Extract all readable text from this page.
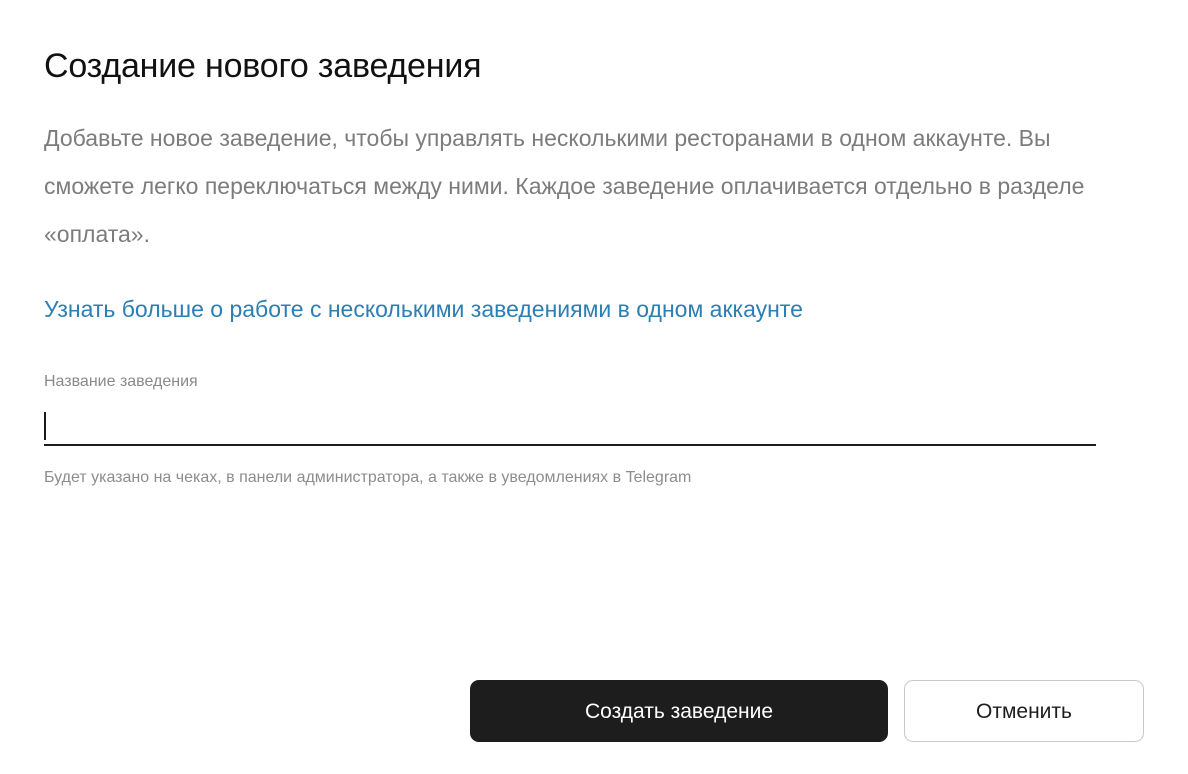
Создание нового заведения

Добавьте новое заведение, чтобы управлять несколькими ресторанами в одном аккаунте. Вы сможете легко переключаться между ними. Каждое заведение оплачивается отдельно в разделе «оплата».

Узнать больше о работе с несколькими заведениями в одном аккаунте
Название заведения
Будет указано на чеках, в панели администратора, а также в уведомлениях в Telegram
Создать заведение	Отменить
